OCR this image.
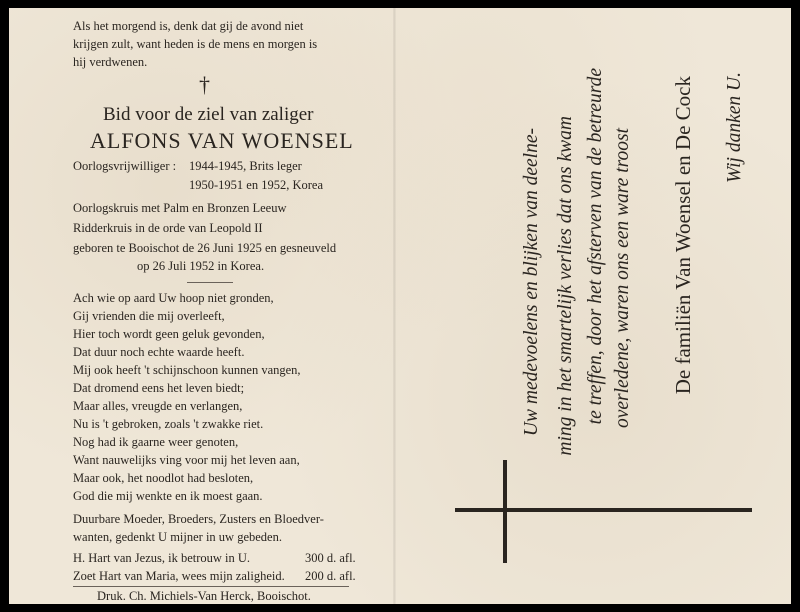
Als het morgend is, denk dat gij de avond niet
krijgen zult, want heden is de mens en morgen is
hij verdwenen.
†
Bid voor de ziel van zaliger
ALFONS VAN WOENSEL
Oorlogsvrijwilliger : 1944-1945, Brits leger
1950-1951 en 1952, Korea
Oorlogskruis met Palm en Bronzen Leeuw
Ridderkruis in de orde van Leopold II
geboren te Booischot de 26 Juni 1925 en gesneuveld
op 26 Juli 1952 in Korea.
Ach wie op aard Uw hoop niet gronden,
Gij vrienden die mij overleeft,
Hier toch wordt geen geluk gevonden,
Dat duur noch echte waarde heeft.
Mij ook heeft 't schijnschoon kunnen vangen,
Dat dromend eens het leven biedt;
Maar alles, vreugde en verlangen,
Nu is 't gebroken, zoals 't zwakke riet.
Nog had ik gaarne weer genoten,
Want nauwelijks ving voor mij het leven aan,
Maar ook, het noodlot had besloten,
God die mij wenkte en ik moest gaan.
Duurbare Moeder, Broeders, Zusters en Bloedver-
wanten, gedenkt U mijner in uw gebeden.
H. Hart van Jezus, ik betrouw in U.	300 d. afl.
Zoet Hart van Maria, wees mijn zaligheid. 200 d. afl.
Druk. Ch. Michiels-Van Herck, Booischot.
Uw medevoelens en blijken van deelne- ming in het smartelijk verlies dat ons kwam te treffen, door het afsterven van de betreurde overledene, waren ons een ware troost De familiën Van Woensel en De Cock Wij danken U.
